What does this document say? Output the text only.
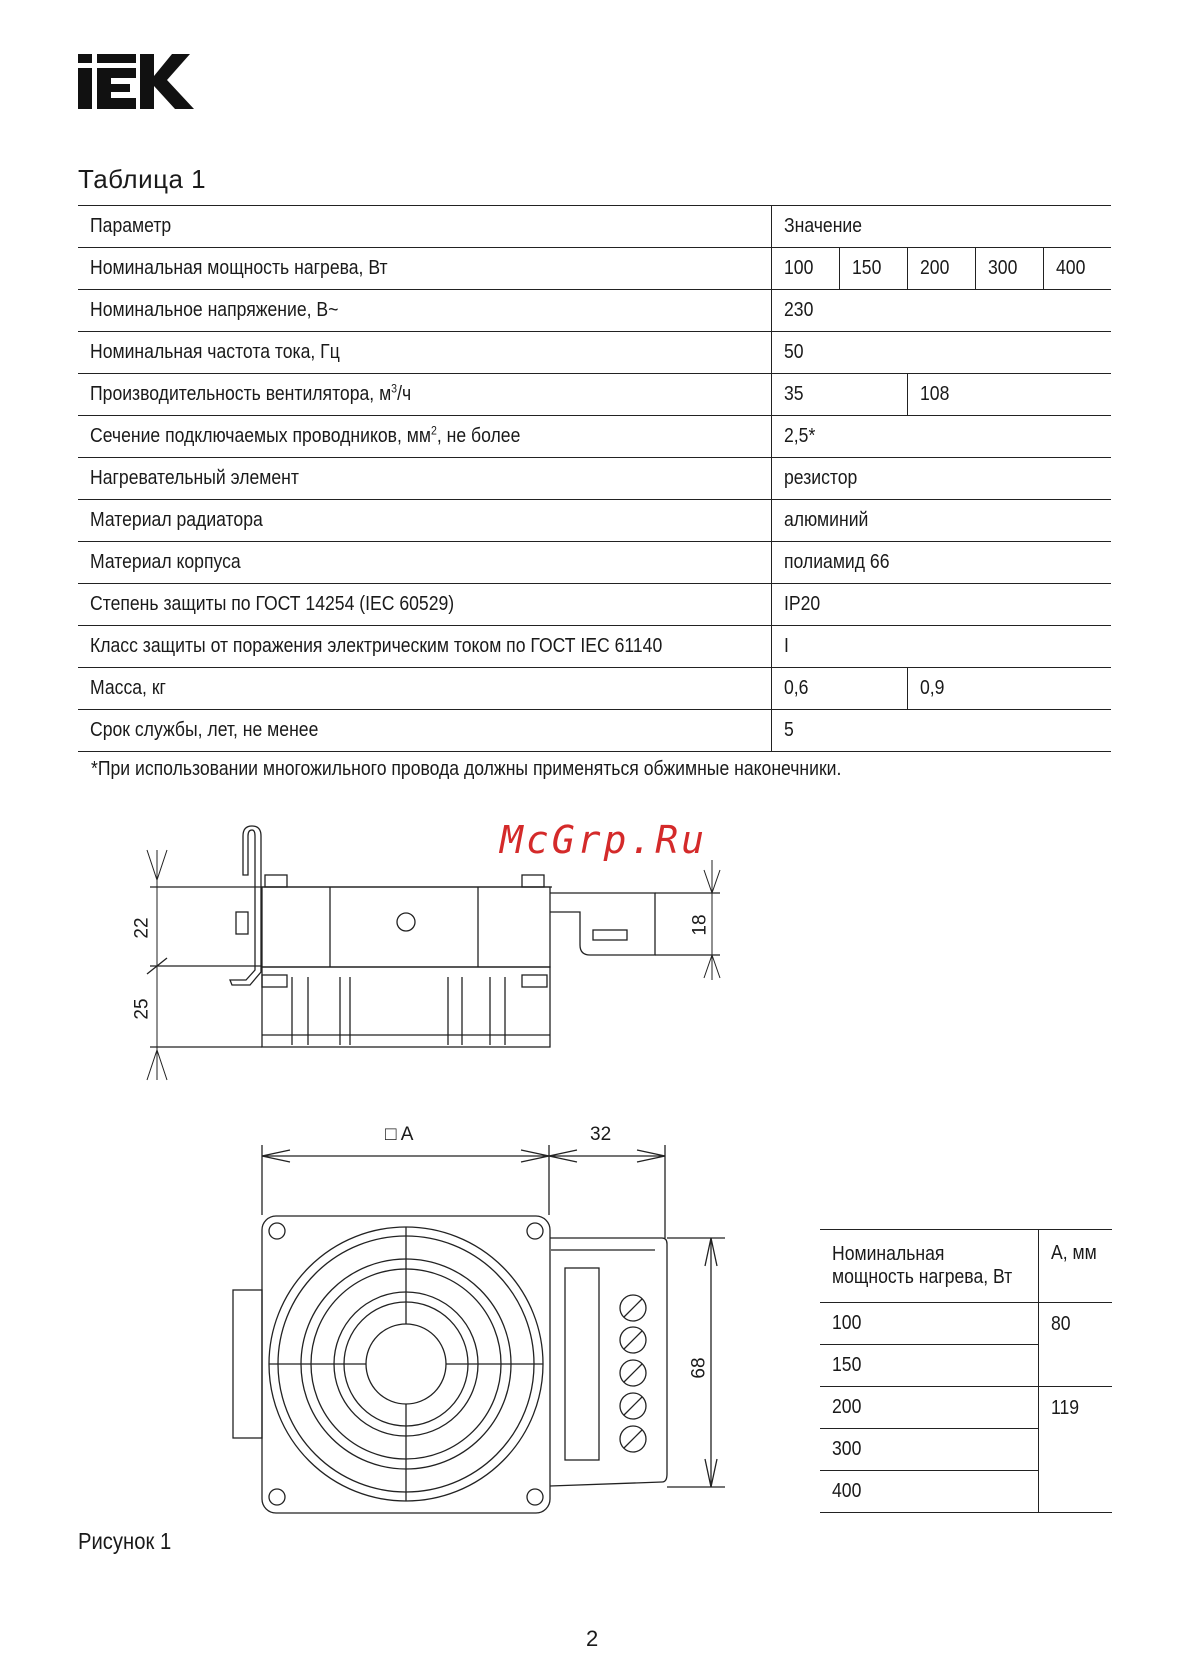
Таблица 1
Параметр	Значение				
Номинальная мощность нагрева, Вт	100	150	200	300	400
Номинальное напряжение, В~	230				
Номинальная частота тока, Гц	50				
Производительность вентилятора, $м^3/ч$	35		108		
Сечение подключаемых проводников, $мм^2$, не более	2,5*				
Нагревательный элемент	резистор				
Материал радиатора	алюминий				
Материал корпуса	полиамид 66				
Степень защиты по ГОСТ 14254 (IEC 60529)	IP20				
Класс защиты от поражения электрическим током по ГОСТ IEC 61140	I				
Масса, кг	0,6		0,9		
Срок службы, лет, не менее	5				
*При использовании многожильного провода должны применяться обжимные наконечники.
McGrp.Ru
22
25
18
□ A	32
68
Номинальная
мощность нагрева, Вт	А, мм
100	80
150	
200	119
300	
400	
Рисунок 1
2
